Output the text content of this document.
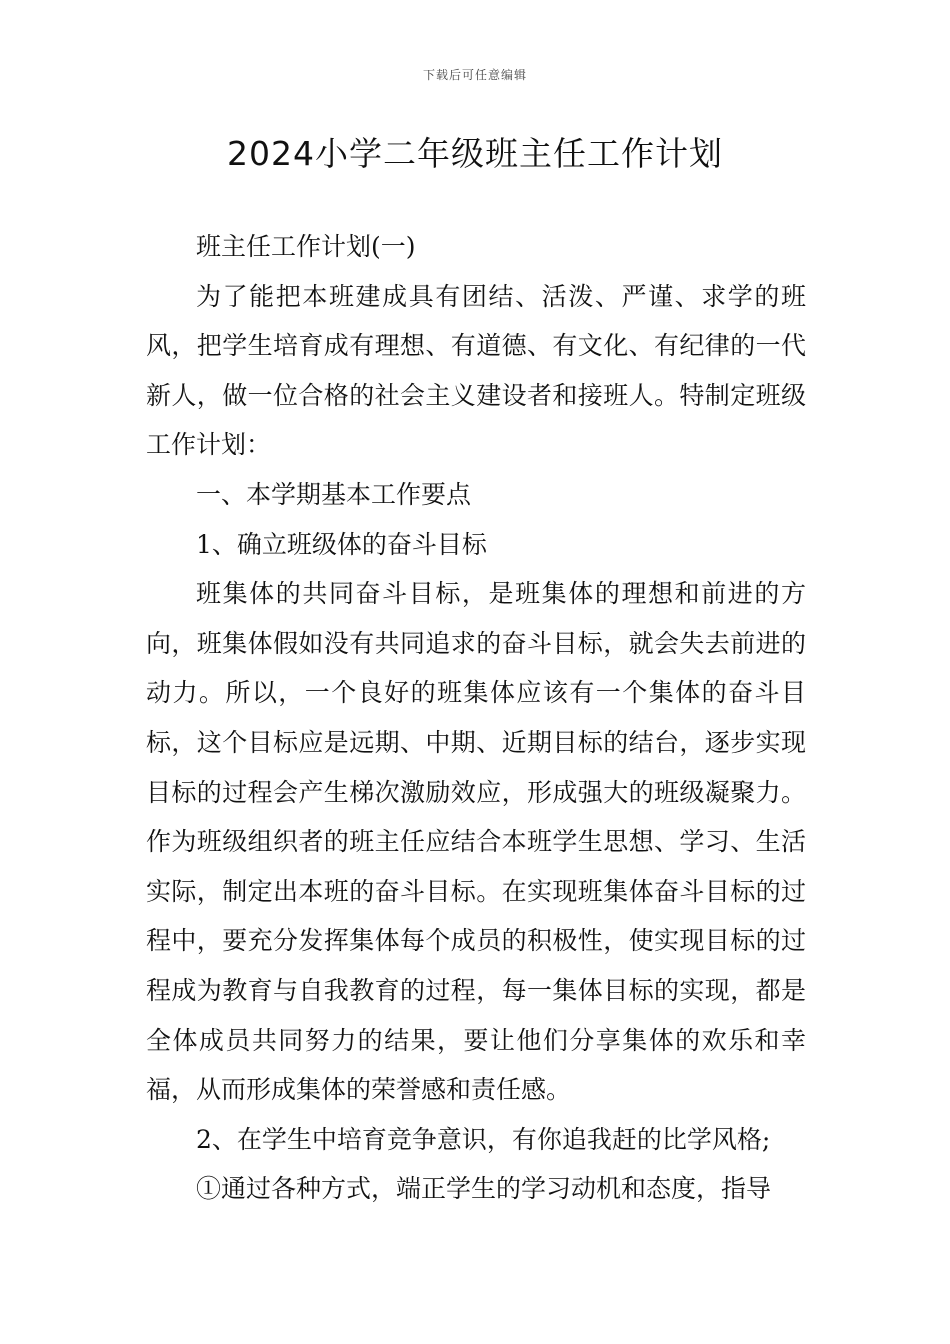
下载后可任意编辑
2024小学二年级班主任工作计划

班主任工作计划(一)

为了能把本班建成具有团结、活泼、严谨、求学的班风，把学生培育成有理想、有道德、有文化、有纪律的一代新人，做一位合格的社会主义建设者和接班人。特制定班级工作计划：

一、本学期基本工作要点

1、确立班级体的奋斗目标

班集体的共同奋斗目标，是班集体的理想和前进的方向，班集体假如没有共同追求的奋斗目标，就会失去前进的动力。所以，一个良好的班集体应该有一个集体的奋斗目标，这个目标应是远期、中期、近期目标的结台，逐步实现目标的过程会产生梯次激励效应，形成强大的班级凝聚力。作为班级组织者的班主任应结合本班学生思想、学习、生活实际，制定出本班的奋斗目标。在实现班集体奋斗目标的过程中，要充分发挥集体每个成员的积极性，使实现目标的过程成为教育与自我教育的过程，每一集体目标的实现，都是全体成员共同努力的结果，要让他们分享集体的欢乐和幸福，从而形成集体的荣誉感和责任感。

2、在学生中培育竞争意识，有你追我赶的比学风格;

①通过各种方式，端正学生的学习动机和态度，指导
